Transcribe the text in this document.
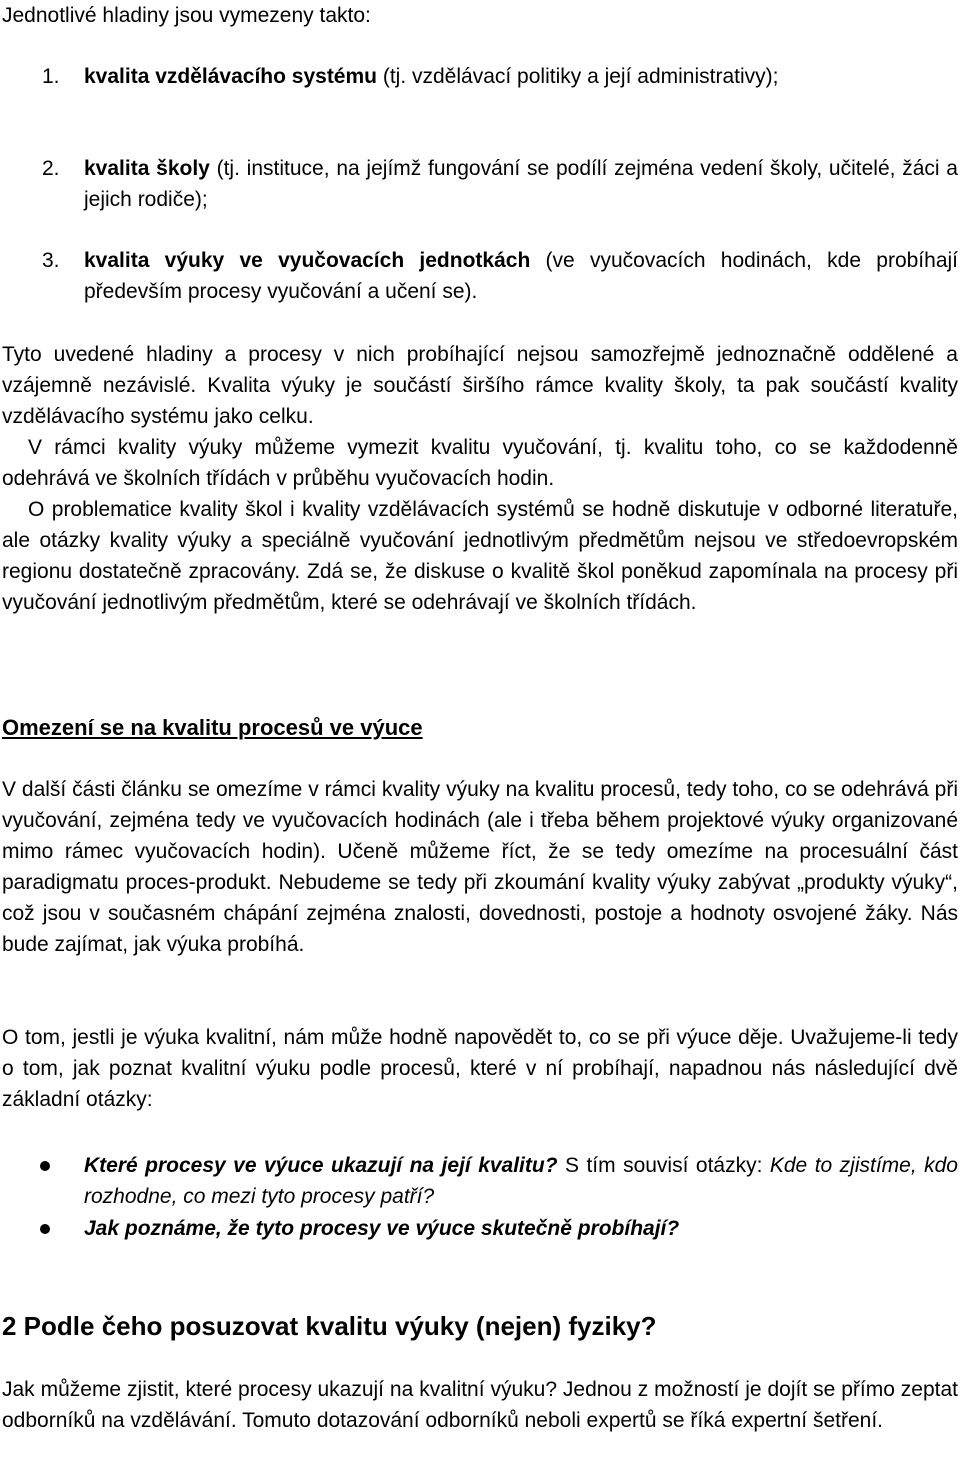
Jednotlivé hladiny jsou vymezeny takto:

1. kvalita vzdělávacího systému (tj. vzdělávací politiky a její administrativy);
2. kvalita školy (tj. instituce, na jejímž fungování se podílí zejména vedení školy, učitelé, žáci a jejich rodiče);
3. kvalita výuky ve vyučovacích jednotkách (ve vyučovacích hodinách, kde probíhají především procesy vyučování a učení se).

Tyto uvedené hladiny a procesy v nich probíhající nejsou samozřejmě jednoznačně oddělené a vzájemně nezávislé. Kvalita výuky je součástí širšího rámce kvality školy, ta pak součástí kvality vzdělávacího systému jako celku.

V rámci kvality výuky můžeme vymezit kvalitu vyučování, tj. kvalitu toho, co se každodenně odehrává ve školních třídách v průběhu vyučovacích hodin.

O problematice kvality škol i kvality vzdělávacích systémů se hodně diskutuje v odborné literatuře, ale otázky kvality výuky a speciálně vyučování jednotlivým předmětům nejsou ve středoevropském regionu dostatečně zpracovány. Zdá se, že diskuse o kvalitě škol poněkud zapomínala na procesy při vyučování jednotlivým předmětům, které se odehrávají ve školních třídách.

Omezení se na kvalitu procesů ve výuce

V další části článku se omezíme v rámci kvality výuky na kvalitu procesů, tedy toho, co se odehrává při vyučování, zejména tedy ve vyučovacích hodinách (ale i třeba během projektové výuky organizované mimo rámec vyučovacích hodin). Učeně můžeme říct, že se tedy omezíme na procesuální část paradigmatu proces-produkt. Nebudeme se tedy při zkoumání kvality výuky zabývat „produkty výuky“, což jsou v současném chápání zejména znalosti, dovednosti, postoje a hodnoty osvojené žáky. Nás bude zajímat, jak výuka probíhá.

O tom, jestli je výuka kvalitní, nám může hodně napovědět to, co se při výuce děje. Uvažujeme-li tedy o tom, jak poznat kvalitní výuku podle procesů, které v ní probíhají, napadnou nás následující dvě základní otázky:

Které procesy ve výuce ukazují na její kvalitu? S tím souvisí otázky: Kde to zjistíme, kdo rozhodne, co mezi tyto procesy patří?
Jak poznáme, že tyto procesy ve výuce skutečně probíhají?
2 Podle čeho posuzovat kvalitu výuky (nejen) fyziky?

Jak můžeme zjistit, které procesy ukazují na kvalitní výuku? Jednou z možností je dojít se přímo zeptat odborníků na vzdělávání. Tomuto dotazování odborníků neboli expertů se říká expertní šetření.
